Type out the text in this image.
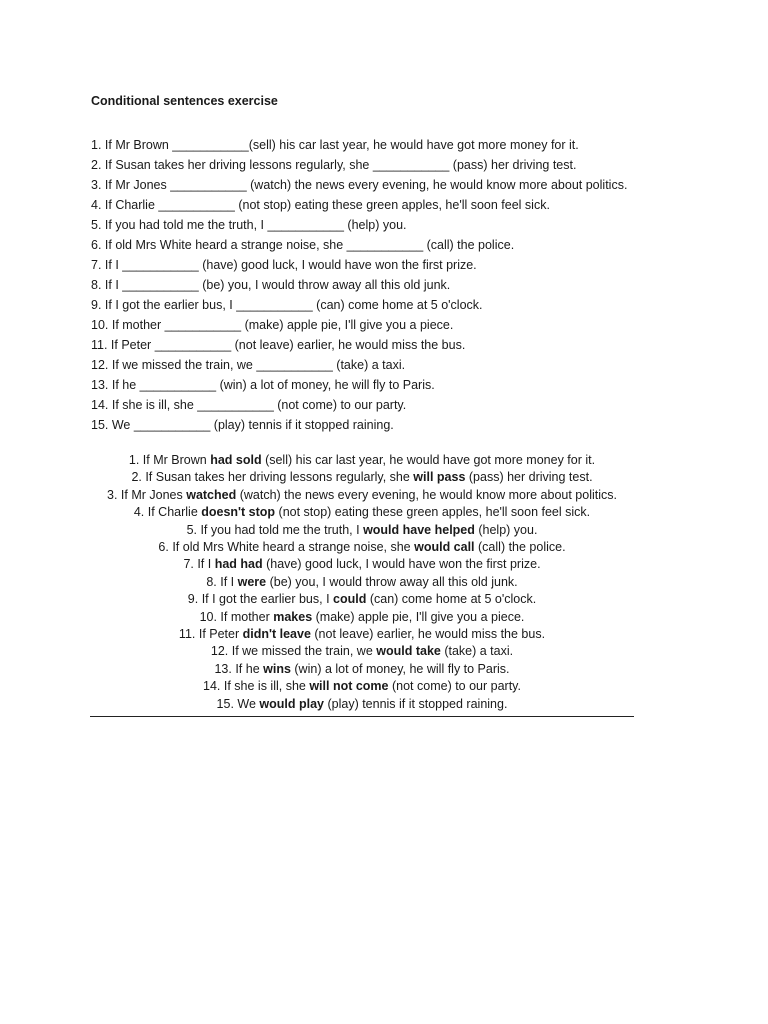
Conditional sentences exercise
1. If Mr Brown ___________(sell) his car last year, he would have got more money for it.
2. If Susan takes her driving lessons regularly, she ___________ (pass) her driving test.
3. If Mr Jones ___________ (watch) the news every evening, he would know more about politics.
4. If Charlie ___________ (not stop) eating these green apples, he'll soon feel sick.
5. If you had told me the truth, I ___________ (help) you.
6. If old Mrs White heard a strange noise, she ___________ (call) the police.
7. If I ___________ (have) good luck, I would have won the first prize.
8. If I ___________ (be) you, I would throw away all this old junk.
9. If I got the earlier bus, I ___________ (can) come home at 5 o'clock.
10. If mother ___________ (make) apple pie, I'll give you a piece.
11. If Peter ___________ (not leave) earlier, he would miss the bus.
12. If we missed the train, we ___________ (take) a taxi.
13. If he ___________ (win) a lot of money, he will fly to Paris.
14. If she is ill, she ___________ (not come) to our party.
15. We ___________ (play) tennis if it stopped raining.
1. If Mr Brown had sold (sell) his car last year, he would have got more money for it.
2. If Susan takes her driving lessons regularly, she will pass (pass) her driving test.
3. If Mr Jones watched (watch) the news every evening, he would know more about politics.
4. If Charlie doesn't stop (not stop) eating these green apples, he'll soon feel sick.
5. If you had told me the truth, I would have helped (help) you.
6. If old Mrs White heard a strange noise, she would call (call) the police.
7. If I had had (have) good luck, I would have won the first prize.
8. If I were (be) you, I would throw away all this old junk.
9. If I got the earlier bus, I could (can) come home at 5 o'clock.
10. If mother makes (make) apple pie, I'll give you a piece.
11. If Peter didn't leave (not leave) earlier, he would miss the bus.
12. If we missed the train, we would take (take) a taxi.
13. If he wins (win) a lot of money, he will fly to Paris.
14. If she is ill, she will not come (not come) to our party.
15. We would play (play) tennis if it stopped raining.
